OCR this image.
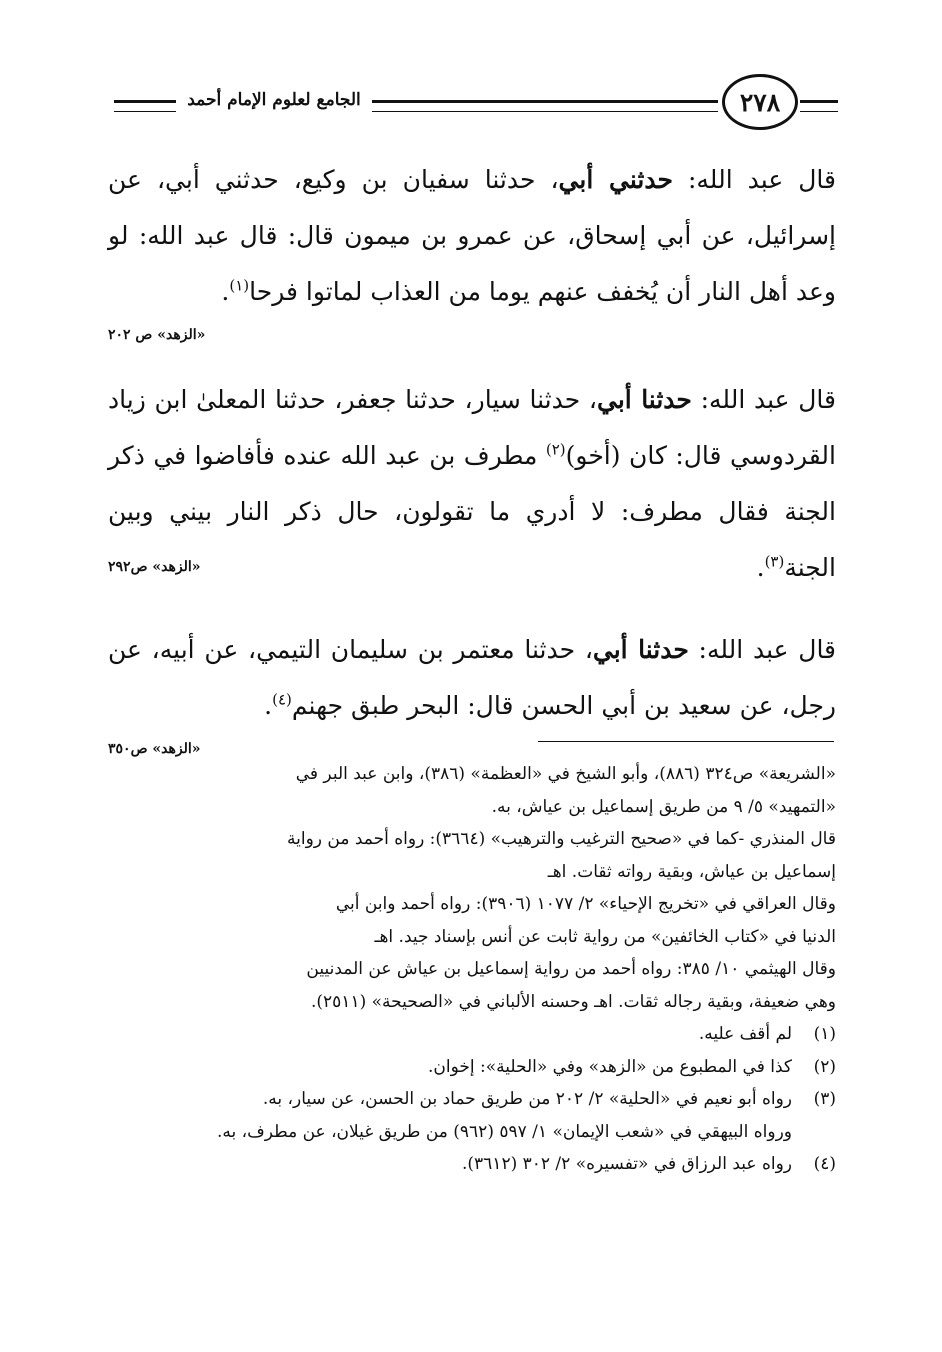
الجامع لعلوم الإمام أحمد	٢٧٨

قال عبد الله: حدثني أبي، حدثنا سفيان بن وكيع، حدثني أبي، عن إسرائيل، عن أبي إسحاق، عن عمرو بن ميمون قال: قال عبد الله: لو وعد أهل النار أن يُخفف عنهم يوما من العذاب لماتوا فرحا$^{(١)}$.

«الزهد» ص ٢٠٢

قال عبد الله: حدثنا أبي، حدثنا سيار، حدثنا جعفر، حدثنا المعلىٰ ابن زياد القردوسي قال: كان (أخو)$^{(٢)}$ مطرف بن عبد الله عنده فأفاضوا في ذكر الجنة فقال مطرف: لا أدري ما تقولون، حال ذكر النار بيني وبين الجنة$^{(٣)}$.

«الزهد» ص٢٩٢

قال عبد الله: حدثنا أبي، حدثنا معتمر بن سليمان التيمي، عن أبيه، عن رجل، عن سعيد بن أبي الحسن قال: البحر طبق جهنم$^{(٤)}$.

«الزهد» ص٣٥٠

«الشريعة» ص٣٢٤ (٨٨٦)، وأبو الشيخ في «العظمة» (٣٨٦)، وابن عبد البر في

«التمهيد» ٥/ ٩ من طريق إسماعيل بن عياش، به.

قال المنذري -كما في «صحيح الترغيب والترهيب» (٣٦٦٤): رواه أحمد من رواية

إسماعيل بن عياش، وبقية رواته ثقات. اهـ

وقال العراقي في «تخريج الإحياء» ٢/ ١٠٧٧ (٣٩٠٦): رواه أحمد وابن أبي

الدنيا في «كتاب الخائفين» من رواية ثابت عن أنس بإسناد جيد. اهـ

وقال الهيثمي ١٠/ ٣٨٥: رواه أحمد من رواية إسماعيل بن عياش عن المدنيين

وهي ضعيفة، وبقية رجاله ثقات. اهـ وحسنه الألباني في «الصحيحة» (٢٥١١).

(١)
لم أقف عليه.
(٢)
كذا في المطبوع من «الزهد» وفي «الحلية»: إخوان.
(٣)
رواه أبو نعيم في «الحلية» ٢/ ٢٠٢ من طريق حماد بن الحسن، عن سيار، به.
ورواه البيهقي في «شعب الإيمان» ١/ ٥٩٧ (٩٦٢) من طريق غيلان، عن مطرف، به.
(٤)
رواه عبد الرزاق في «تفسيره» ٢/ ٣٠٢ (٣٦١٢).
